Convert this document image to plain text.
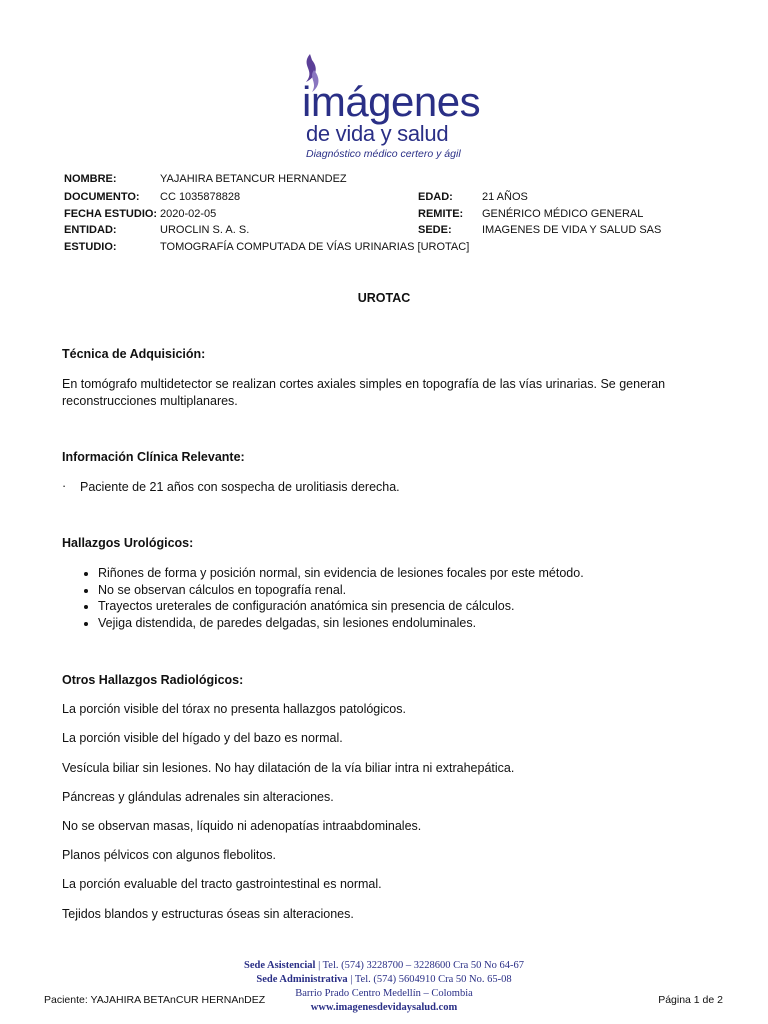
imágenes
de vida y salud
Diagnóstico médico certero y ágil
NOMBRE:	YAJAHIRA BETANCUR HERNANDEZ
DOCUMENTO: CC 1035878828	EDAD:	21 AÑOS
FECHA ESTUDIO: 2020-02-05	REMITE: GENÉRICO MÉDICO GENERAL
ENTIDAD:	UROCLIN S. A. S.	SEDE:	IMAGENES DE VIDA Y SALUD SAS
ESTUDIO:	TOMOGRAFÍA COMPUTADA DE VÍAS URINARIAS [UROTAC]
UROTAC
Técnica de Adquisición:
En tomógrafo multidetector se realizan cortes axiales simples en topografía de las vías urinarias. Se generan reconstrucciones multiplanares.
Información Clínica Relevante:
· Paciente de 21 años con sospecha de urolitiasis derecha.
Hallazgos Urológicos:
• Riñones de forma y posición normal, sin evidencia de lesiones focales por este método.
• No se observan cálculos en topografía renal.
• Trayectos ureterales de configuración anatómica sin presencia de cálculos.
• Vejiga distendida, de paredes delgadas, sin lesiones endoluminales.
Otros Hallazgos Radiológicos:
La porción visible del tórax no presenta hallazgos patológicos.
La porción visible del hígado y del bazo es normal.
Vesícula biliar sin lesiones. No hay dilatación de la vía biliar intra ni extrahepática.
Páncreas y glándulas adrenales sin alteraciones.
No se observan masas, líquido ni adenopatías intraabdominales.
Planos pélvicos con algunos flebolitos.
La porción evaluable del tracto gastrointestinal es normal.
Tejidos blandos y estructuras óseas sin alteraciones.
Sede Asistencial | Tel. (574) 3228700 – 3228600 Cra 50 No 64-67
Sede Administrativa | Tel. (574) 5604910 Cra 50 No. 65-08
Barrio Prado Centro Medellín – Colombia
www.imagenesdevidaysalud.com
Paciente: YAJAHIRA BETAnCUR HERNAnDEZ	Página 1 de 2
